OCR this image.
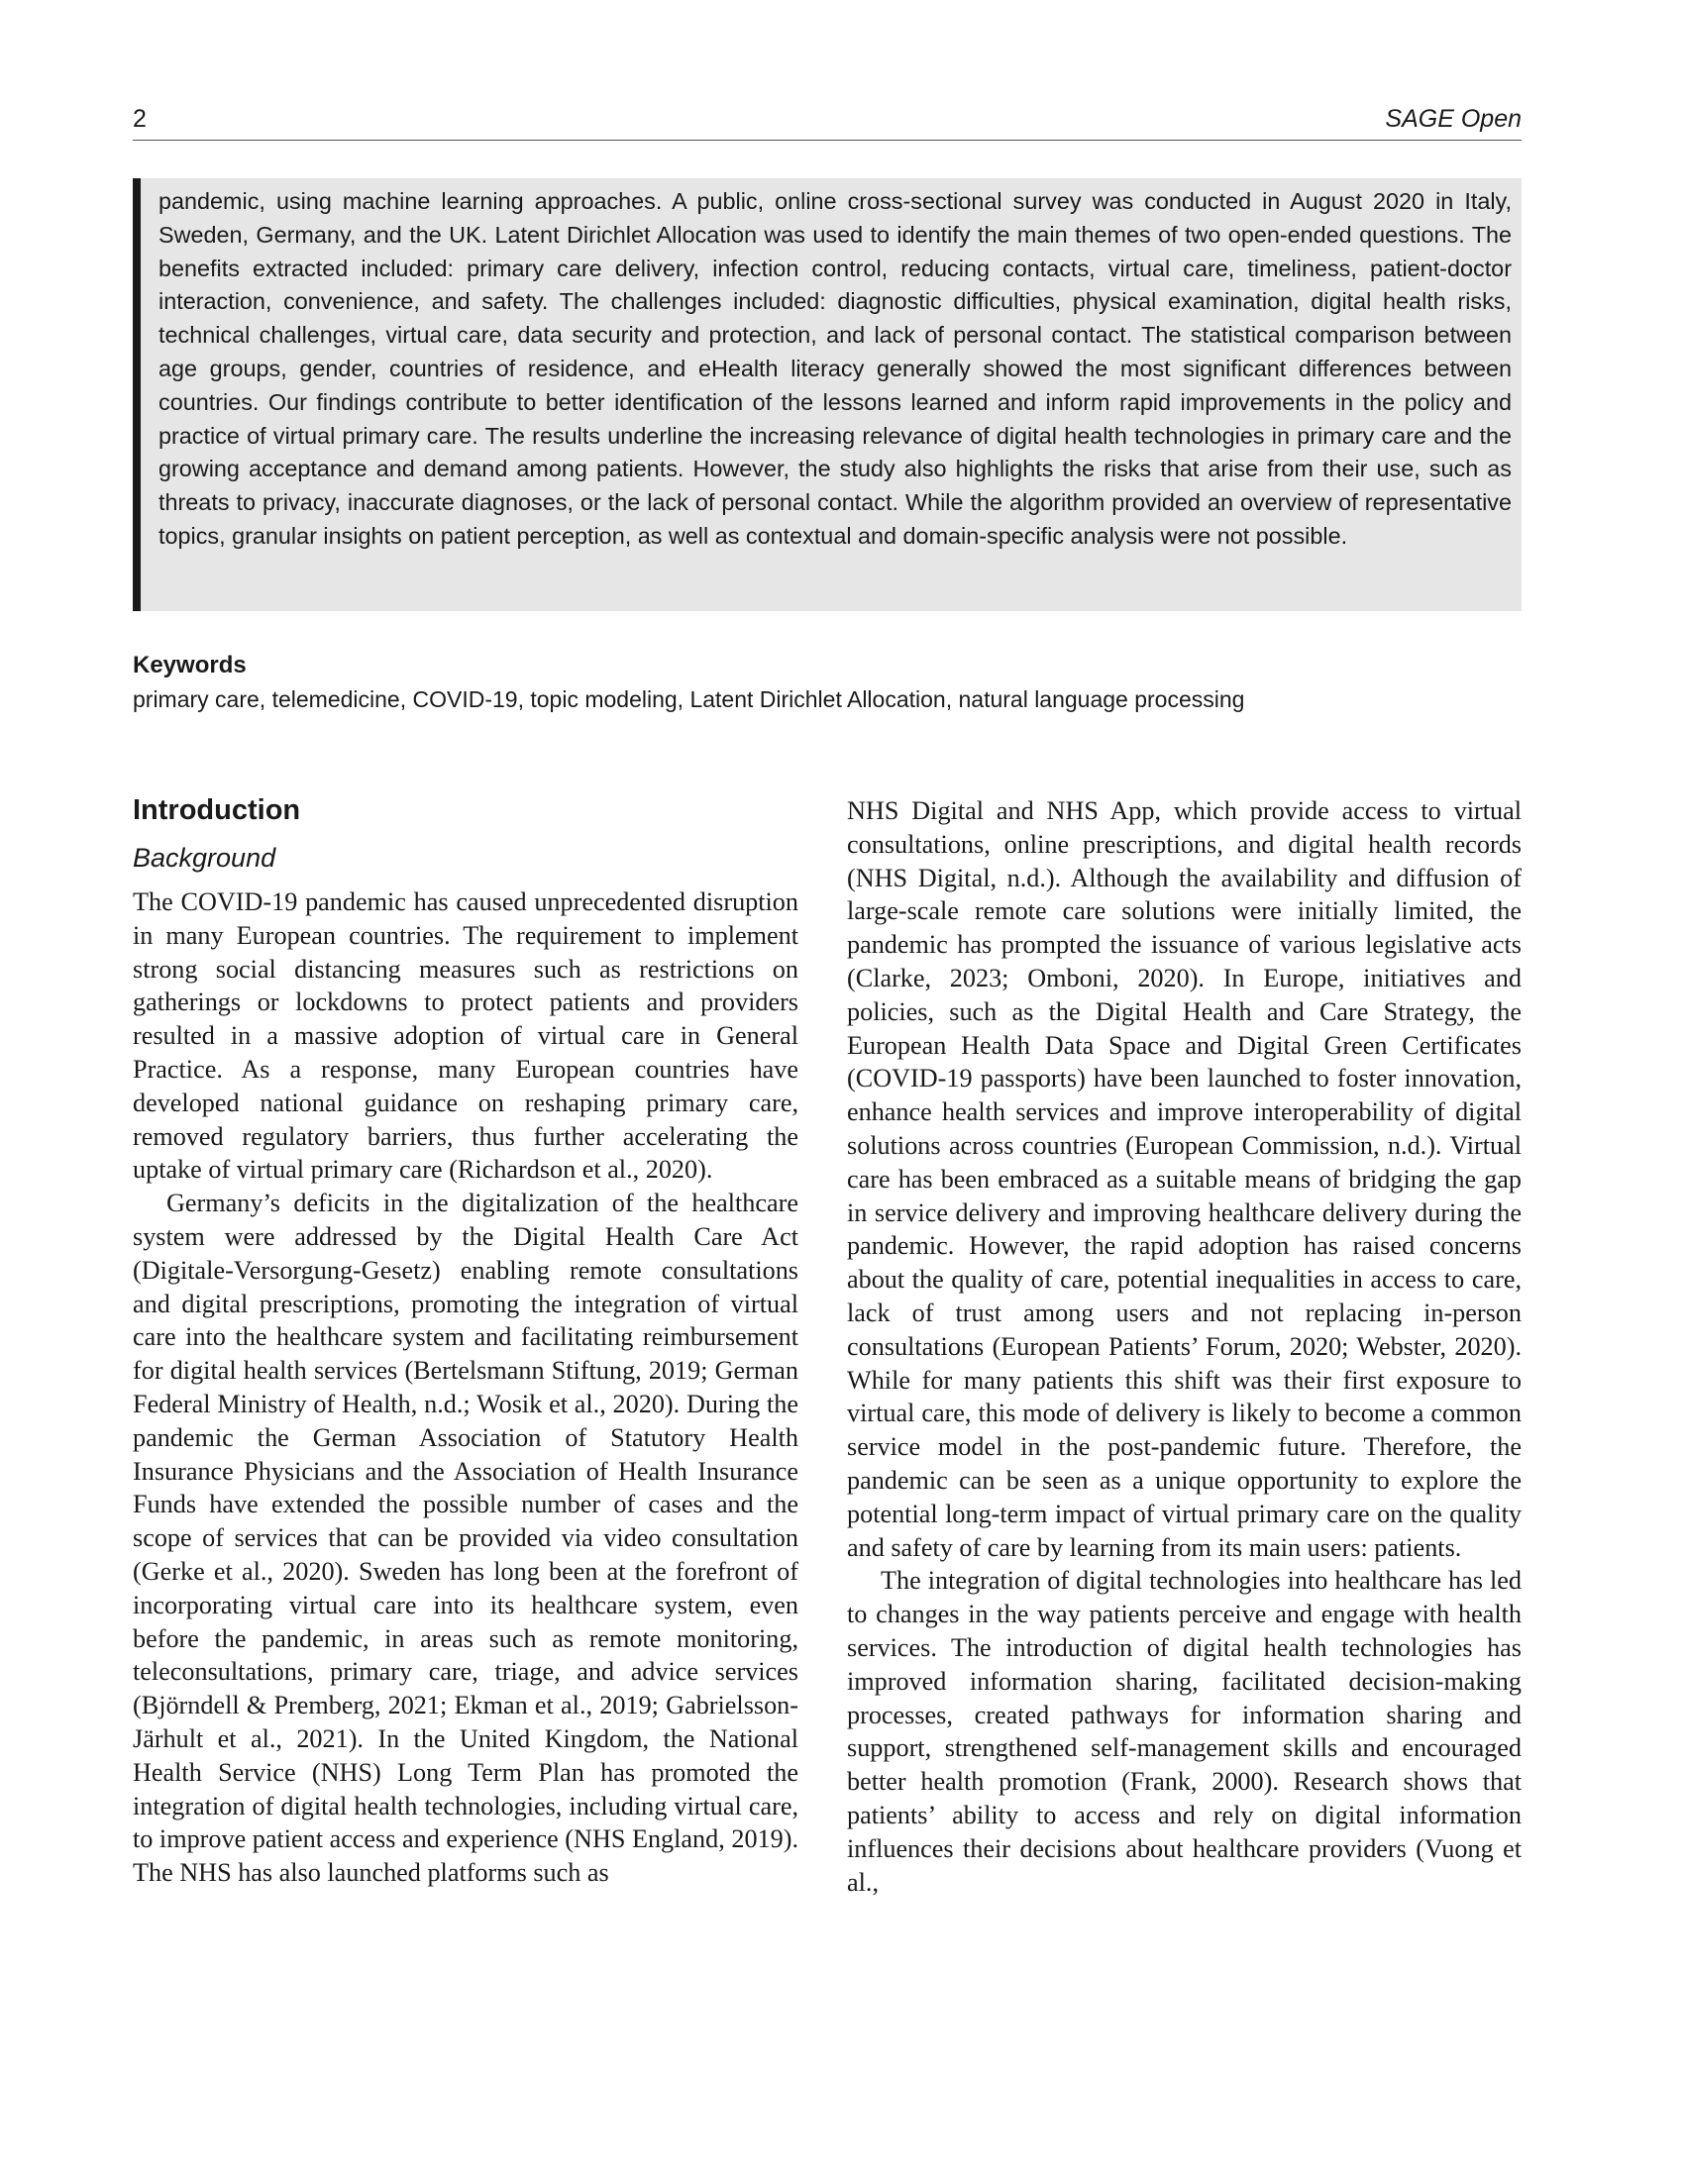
2	SAGE Open

pandemic, using machine learning approaches. A public, online cross-sectional survey was conducted in August 2020 in Italy, Sweden, Germany, and the UK. Latent Dirichlet Allocation was used to identify the main themes of two open-ended questions. The benefits extracted included: primary care delivery, infection control, reducing contacts, virtual care, timeliness, patient-doctor interaction, convenience, and safety. The challenges included: diagnostic difficulties, physical examination, digital health risks, technical challenges, virtual care, data security and protection, and lack of personal contact. The statistical comparison between age groups, gender, countries of residence, and eHealth literacy generally showed the most significant differences between countries. Our findings contribute to better identification of the lessons learned and inform rapid improvements in the policy and practice of virtual primary care. The results underline the increasing relevance of digital health technologies in primary care and the growing acceptance and demand among patients. However, the study also highlights the risks that arise from their use, such as threats to privacy, inaccurate diagnoses, or the lack of personal contact. While the algorithm provided an overview of representative topics, granular insights on patient perception, as well as contextual and domain-specific analysis were not possible.

Keywords
primary care, telemedicine, COVID-19, topic modeling, Latent Dirichlet Allocation, natural language processing
Introduction
Background

The COVID-19 pandemic has caused unprecedented disruption in many European countries. The requirement to implement strong social distancing measures such as restrictions on gatherings or lockdowns to protect patients and providers resulted in a massive adoption of virtual care in General Practice. As a response, many European countries have developed national guidance on reshaping primary care, removed regulatory barriers, thus further accelerating the uptake of virtual primary care (Richardson et al., 2020).

Germany’s deficits in the digitalization of the healthcare system were addressed by the Digital Health Care Act (Digitale-Versorgung-Gesetz) enabling remote consultations and digital prescriptions, promoting the integration of virtual care into the healthcare system and facilitating reimbursement for digital health services (Bertelsmann Stiftung, 2019; German Federal Ministry of Health, n.d.; Wosik et al., 2020). During the pandemic the German Association of Statutory Health Insurance Physicians and the Association of Health Insurance Funds have extended the possible number of cases and the scope of services that can be provided via video consultation (Gerke et al., 2020). Sweden has long been at the forefront of incorporating virtual care into its healthcare system, even before the pandemic, in areas such as remote monitoring, teleconsultations, primary care, triage, and advice services (Björndell & Premberg, 2021; Ekman et al., 2019; Gabrielsson-Järhult et al., 2021). In the United Kingdom, the National Health Service (NHS) Long Term Plan has promoted the integration of digital health technologies, including virtual care, to improve patient access and experience (NHS England, 2019). The NHS has also launched platforms such as

NHS Digital and NHS App, which provide access to virtual consultations, online prescriptions, and digital health records (NHS Digital, n.d.). Although the availability and diffusion of large-scale remote care solutions were initially limited, the pandemic has prompted the issuance of various legislative acts (Clarke, 2023; Omboni, 2020). In Europe, initiatives and policies, such as the Digital Health and Care Strategy, the European Health Data Space and Digital Green Certificates (COVID-19 passports) have been launched to foster innovation, enhance health services and improve interoperability of digital solutions across countries (European Commission, n.d.). Virtual care has been embraced as a suitable means of bridging the gap in service delivery and improving healthcare delivery during the pandemic. However, the rapid adoption has raised concerns about the quality of care, potential inequalities in access to care, lack of trust among users and not replacing in-person consultations (European Patients’ Forum, 2020; Webster, 2020). While for many patients this shift was their first exposure to virtual care, this mode of delivery is likely to become a common service model in the post-pandemic future. Therefore, the pandemic can be seen as a unique opportunity to explore the potential long-term impact of virtual primary care on the quality and safety of care by learning from its main users: patients.

The integration of digital technologies into healthcare has led to changes in the way patients perceive and engage with health services. The introduction of digital health technologies has improved information sharing, facilitated decision-making processes, created pathways for information sharing and support, strengthened self-management skills and encouraged better health promotion (Frank, 2000). Research shows that patients’ ability to access and rely on digital information influences their decisions about healthcare providers (Vuong et al.,
